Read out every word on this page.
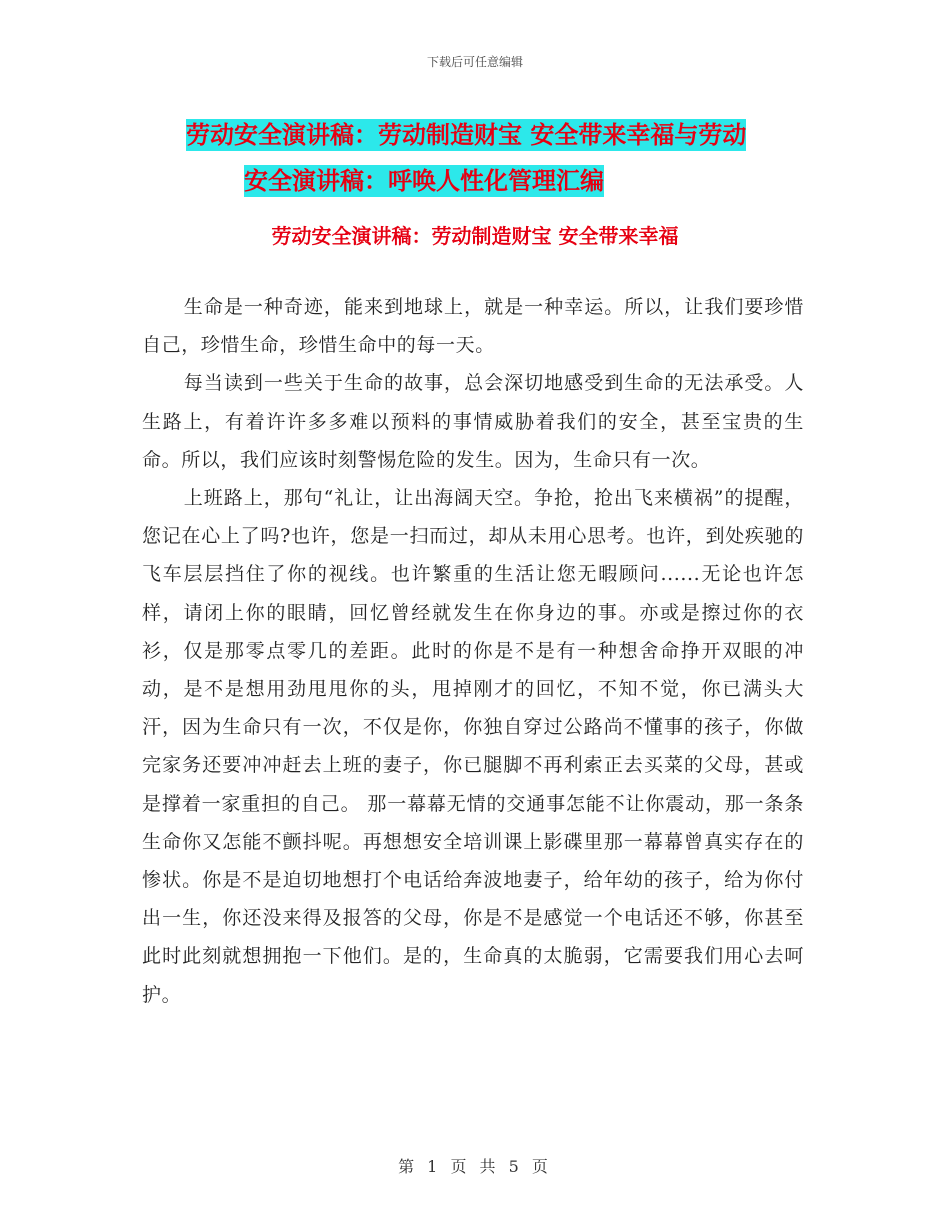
下载后可任意编辑
劳动安全演讲稿：劳动制造财宝 安全带来幸福与劳动
安全演讲稿：呼唤人性化管理汇编
劳动安全演讲稿：劳动制造财宝 安全带来幸福

生命是一种奇迹，能来到地球上，就是一种幸运。所以，让我们要珍惜自己，珍惜生命，珍惜生命中的每一天。

每当读到一些关于生命的故事，总会深切地感受到生命的无法承受。人生路上，有着许许多多难以预料的事情威胁着我们的安全，甚至宝贵的生命。所以，我们应该时刻警惕危险的发生。因为，生命只有一次。

上班路上，那句“礼让，让出海阔天空。争抢，抢出飞来横祸”的提醒，您记在心上了吗?也许，您是一扫而过，却从未用心思考。也许，到处疾驰的飞车层层挡住了你的视线。也许繁重的生活让您无暇顾问......无论也许怎样，请闭上你的眼睛，回忆曾经就发生在你身边的事。亦或是擦过你的衣衫，仅是那零点零几的差距。此时的你是不是有一种想舍命挣开双眼的冲动，是不是想用劲甩甩你的头，甩掉刚才的回忆，不知不觉，你已满头大汗，因为生命只有一次，不仅是你，你独自穿过公路尚不懂事的孩子，你做完家务还要冲冲赶去上班的妻子，你已腿脚不再利索正去买菜的父母，甚或是撑着一家重担的自己。 那一幕幕无情的交通事怎能不让你震动，那一条条生命你又怎能不颤抖呢。再想想安全培训课上影碟里那一幕幕曾真实存在的惨状。你是不是迫切地想打个电话给奔波地妻子，给年幼的孩子，给为你付出一生，你还没来得及报答的父母，你是不是感觉一个电话还不够，你甚至此时此刻就想拥抱一下他们。是的，生命真的太脆弱，它需要我们用心去呵护。

第 1 页 共 5 页
